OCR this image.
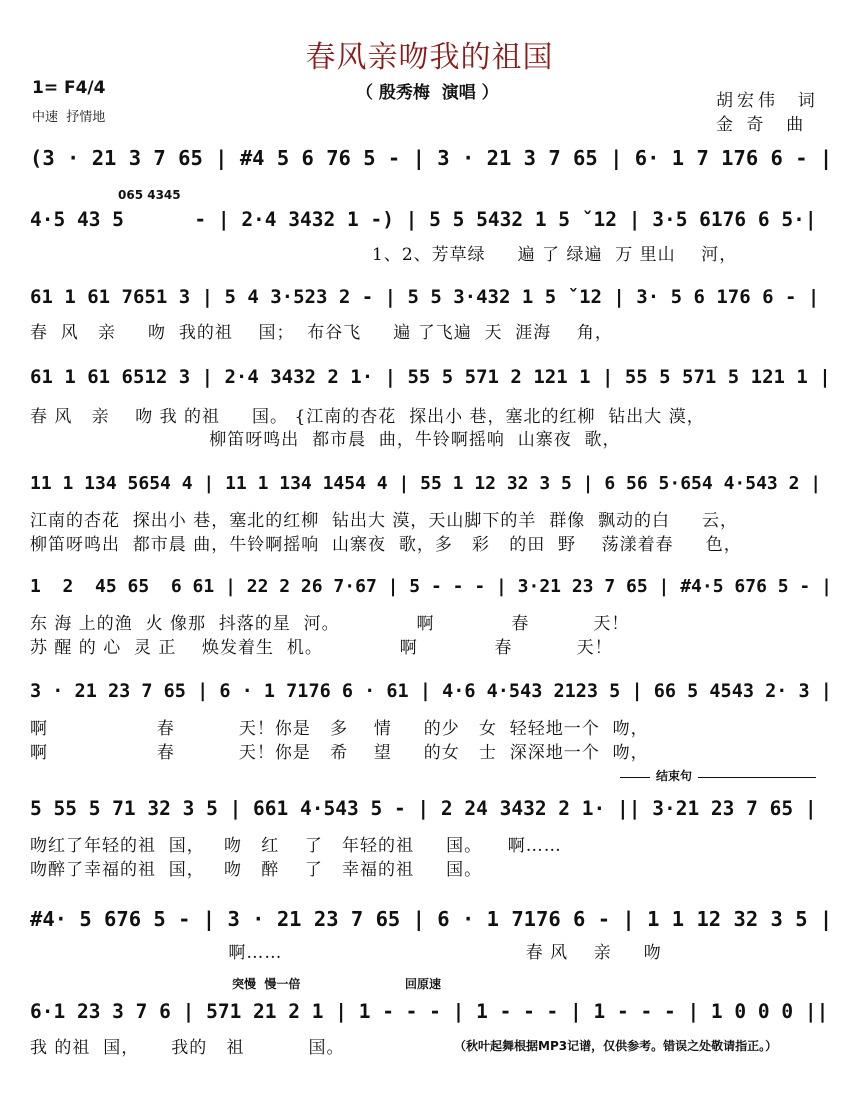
春风亲吻我的祖国
1= F4/4	（ 殷秀梅  演唱 ）
中速  抒情地
胡宏伟  词
金 奇  曲
065 4345
结束句
突慢  慢一倍	回原速
(3 · 21 3 7 65 | #4 5 6 76 5 - | 3 · 21 3 7 65 | 6· 1 7 176 6 - |
4·5 43 5      - | 2·4 3432 1 -) | 5 5 5432 1 5 ˇ12 | 3·5 6176 6 5·|
1、2、芳草绿     遍 了 绿遍  万 里山    河，
61 1 61 7651 3 | 5 4 3·523 2 - | 5 5 3·432 1 5 ˇ12 | 3· 5 6 176 6 - |
春  风   亲     吻  我的祖    国；  布谷飞     遍 了飞遍  天  涯海    角，
61 1 61 6512 3 | 2·4 3432 2 1· | 55 5 571 2 121 1 | 55 5 571 5 121 1 |
春 风   亲    吻 我 的祖     国。 {江南的杏花  探出小 巷，塞北的红柳  钻出大 漠，
柳笛呀鸣出  都市晨  曲，牛铃啊摇响  山寨夜  歌，
11 1 134 5654 4 | 11 1 134 1454 4 | 55 1 12 32 3 5 | 6 56 5·654 4·543 2 |
江南的杏花  探出小 巷，塞北的红柳  钻出大 漠，天山脚下的羊  群像  飘动的白     云，
柳笛呀鸣出  都市晨 曲，牛铃啊摇响  山寨夜  歌，多   彩   的田  野    荡漾着春     色，
1  2  45 65  6 61 | 22 2 26 7·67 | 5 - - - | 3·21 23 7 65 | #4·5 676 5 - |
东 海 上的渔  火 像那  抖落的星  河。            啊            春          天！
苏 醒 的 心  灵 正    焕发着生  机。            啊            春          天！
3 · 21 23 7 65 | 6 · 1 7176 6 · 61 | 4·6 4·543 2123 5 | 66 5 4543 2· 3 |
啊                 春          天！你是   多    情     的少   女  轻轻地一个  吻，
啊                 春          天！你是   希    望     的女   士  深深地一个  吻，
5 55 5 71 32 3 5 | 661 4·543 5 - | 2 24 3432 2 1· || 3·21 23 7 65 |
吻红了年轻的祖  国，   吻   红    了   年轻的祖     国。    啊……
吻醉了幸福的祖  国，   吻   醉    了   幸福的祖     国。
#4· 5 676 5 - | 3 · 21 23 7 65 | 6 · 1 7176 6 - | 1 1 12 32 3 5 |
啊……                                      春 风    亲     吻
6·1 23 3 7 6 | 571 21 2 1 | 1 - - - | 1 - - - | 1 - - - | 1 0 0 0 ||
我 的祖  国，     我的   祖          国。	（秋叶起舞根据MP3记谱，仅供参考。错误之处敬请指正。）
